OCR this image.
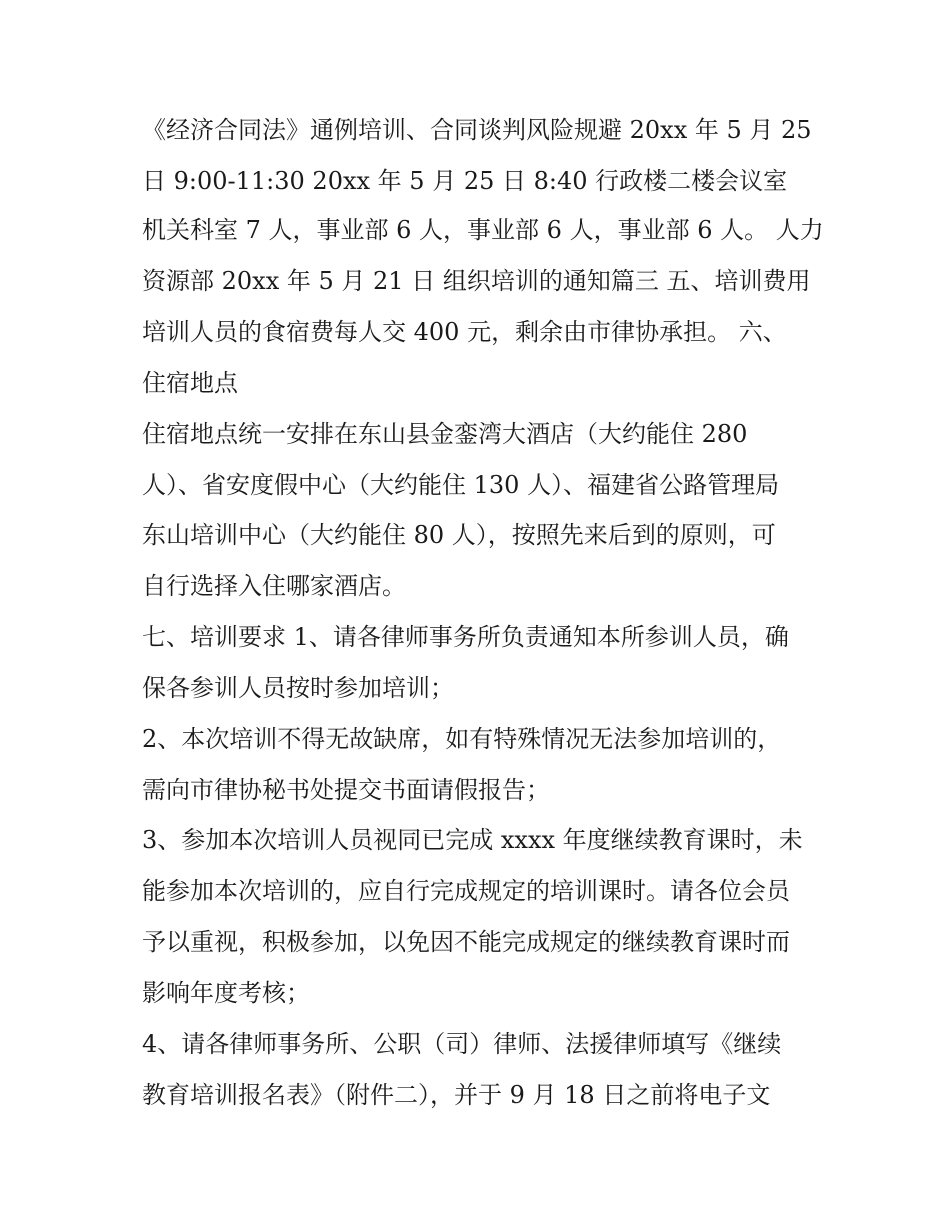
《经济合同法》通例培训、合同谈判风险规避 20xx 年 5 月 25

日 9:00-11:30 20xx 年 5 月 25 日 8:40 行政楼二楼会议室

机关科室 7 人，事业部 6 人，事业部 6 人，事业部 6 人。 人力

资源部 20xx 年 5 月 21 日 组织培训的通知篇三 五、培训费用

培训人员的食宿费每人交 400 元，剩余由市律协承担。 六、

住宿地点

住宿地点统一安排在东山县金銮湾大酒店（大约能住 280

人）、省安度假中心（大约能住 130 人）、福建省公路管理局

东山培训中心（大约能住 80 人），按照先来后到的原则，可

自行选择入住哪家酒店。

七、培训要求 1、请各律师事务所负责通知本所参训人员，确

保各参训人员按时参加培训；

2、本次培训不得无故缺席，如有特殊情况无法参加培训的，

需向市律协秘书处提交书面请假报告；

3、参加本次培训人员视同已完成 xxxx 年度继续教育课时，未

能参加本次培训的，应自行完成规定的培训课时。请各位会员

予以重视，积极参加，以免因不能完成规定的继续教育课时而

影响年度考核；

4、请各律师事务所、公职（司）律师、法援律师填写《继续

教育培训报名表》（附件二），并于 9 月 18 日之前将电子文
